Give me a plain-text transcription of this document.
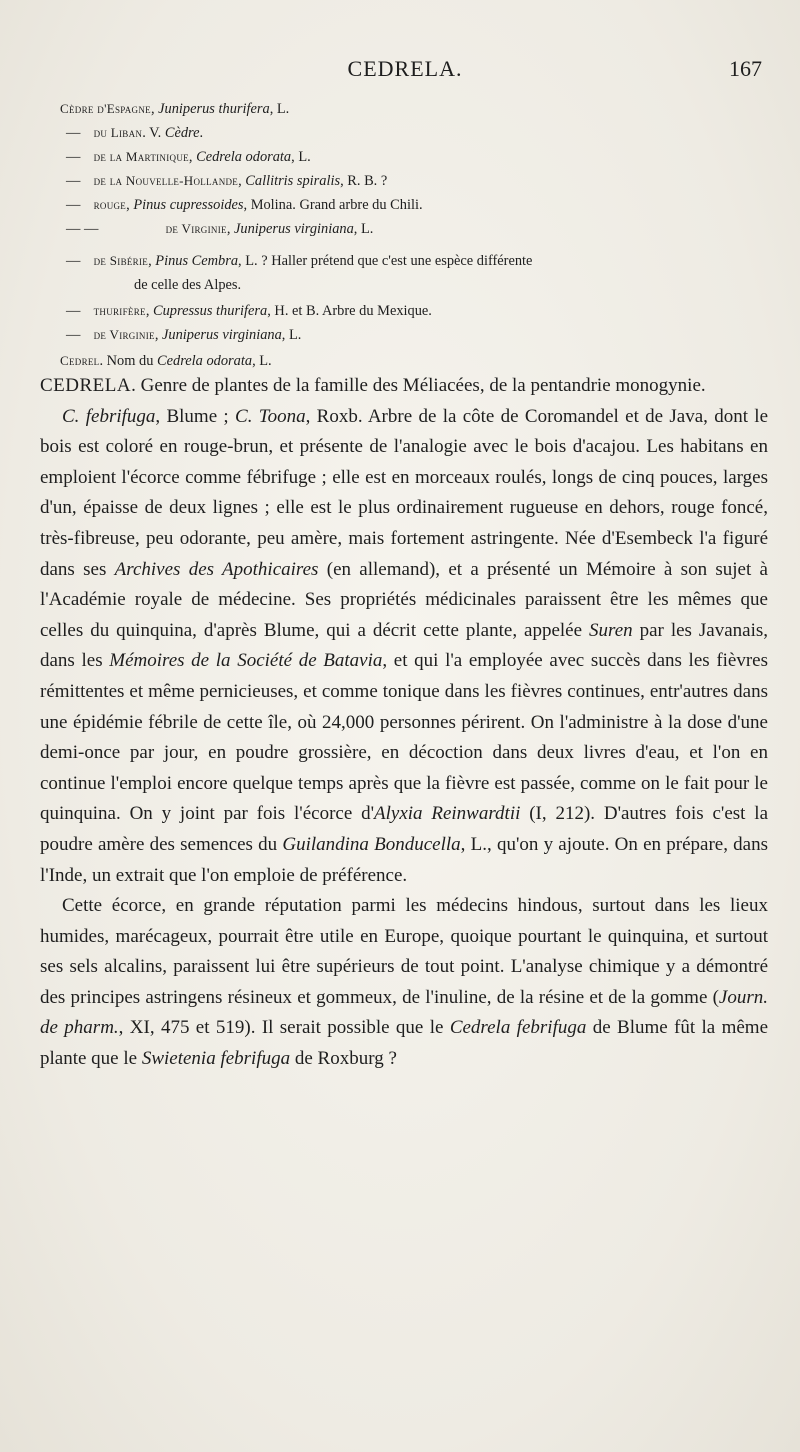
CEDRELA.	167
Cèdre d'Espagne, Juniperus thurifera, L.
— du Liban. V. Cèdre.
— de la Martinique, Cedrela odorata, L.
— de la Nouvelle-Hollande, Callitris spiralis, R. B. ?
— rouge, Pinus cupressoides, Molina. Grand arbre du Chili.
— —	de Virginie, Juniperus virginiana, L.
— de Sibérie, Pinus Cembra, L. ? Haller prétend que c'est une espèce différente
de celle des Alpes.
— thurifère, Cupressus thurifera, H. et B. Arbre du Mexique.
— de Virginie, Juniperus virginiana, L.
Cedrel. Nom du Cedrela odorata, L.

CEDRELA. Genre de plantes de la famille des Méliacées, de la pentandrie monogynie.

C. febrifuga, Blume ; C. Toona, Roxb. Arbre de la côte de Coromandel et de Java, dont le bois est coloré en rouge-brun, et présente de l'analogie avec le bois d'acajou. Les habitans en emploient l'écorce comme fébrifuge ; elle est en morceaux roulés, longs de cinq pouces, larges d'un, épaisse de deux lignes ; elle est le plus ordinairement rugueuse en dehors, rouge foncé, très-fibreuse, peu odorante, peu amère, mais fortement astringente. Née d'Esembeck l'a figuré dans ses Archives des Apothicaires (en allemand), et a présenté un Mémoire à son sujet à l'Académie royale de médecine. Ses propriétés médicinales paraissent être les mêmes que celles du quinquina, d'après Blume, qui a décrit cette plante, appelée Suren par les Javanais, dans les Mémoires de la Société de Batavia, et qui l'a employée avec succès dans les fièvres rémittentes et même pernicieuses, et comme tonique dans les fièvres continues, entr'autres dans une épidémie fébrile de cette île, où 24,000 personnes périrent. On l'administre à la dose d'une demi-once par jour, en poudre grossière, en décoction dans deux livres d'eau, et l'on en continue l'emploi encore quelque temps après que la fièvre est passée, comme on le fait pour le quinquina. On y joint par fois l'écorce d'Alyxia Reinwardtii (I, 212). D'autres fois c'est la poudre amère des semences du Guilandina Bonducella, L., qu'on y ajoute. On en prépare, dans l'Inde, un extrait que l'on emploie de préférence.

Cette écorce, en grande réputation parmi les médecins hindous, surtout dans les lieux humides, marécageux, pourrait être utile en Europe, quoique pourtant le quinquina, et surtout ses sels alcalins, paraissent lui être supérieurs de tout point. L'analyse chimique y a démontré des principes astringens résineux et gommeux, de l'inuline, de la résine et de la gomme (Journ. de pharm., XI, 475 et 519). Il serait possible que le Cedrela febrifuga de Blume fût la même plante que le Swietenia febrifuga de Roxburg ?
